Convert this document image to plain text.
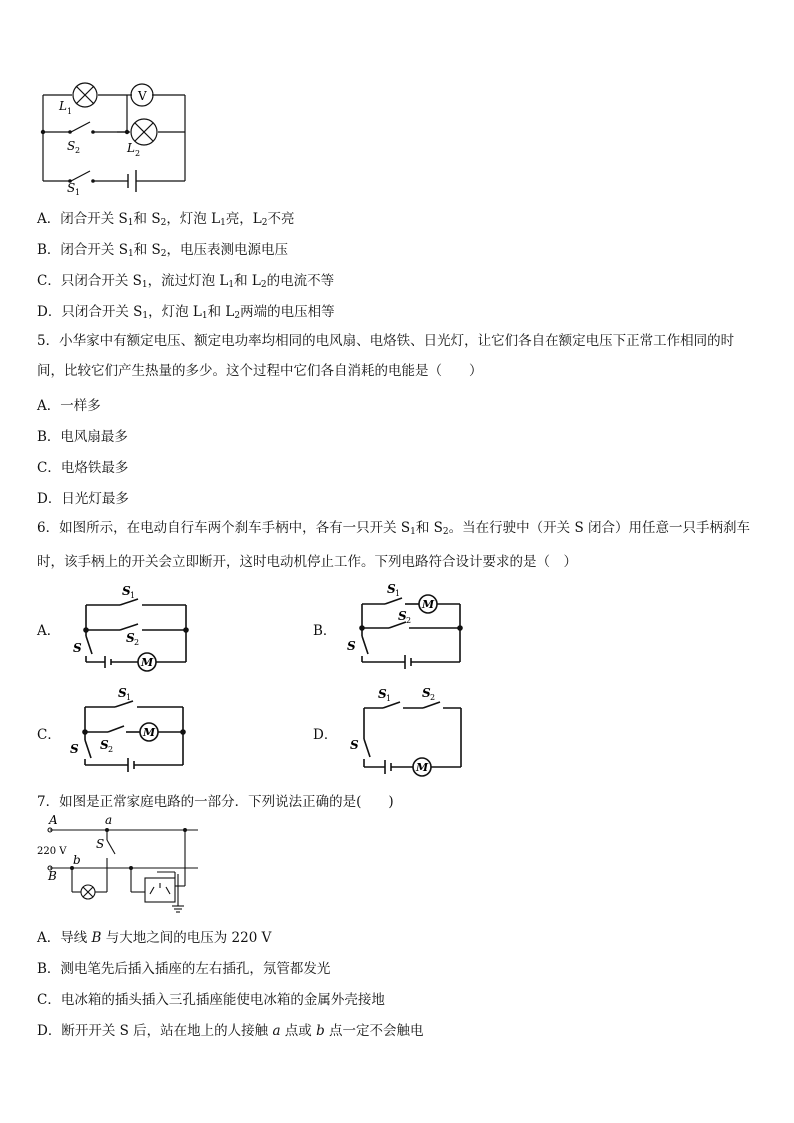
V
L 1
L 2
S 2
S 1
A．闭合开关 $S_1$和 $S_2$，灯泡 $L_1$亮，$L_2$不亮
B．闭合开关 $S_1$和 $S_2$，电压表测电源电压
C．只闭合开关 $S_1$，流过灯泡 $L_1$和 $L_2$的电流不等
D．只闭合开关 $S_1$，灯泡 $L_1$和 $L_2$两端的电压相等
5．小华家中有额定电压、额定电功率均相同的电风扇、电烙铁、日光灯，让它们各自在额定电压下正常工作相同的时间，比较它们产生热量的多少。这个过程中它们各自消耗的电能是（　　）
A．一样多
B．电风扇最多
C．电烙铁最多
D．日光灯最多
6．如图所示，在电动自行车两个刹车手柄中，各有一只开关 $S_1$和 $S_2$。当在行驶中（开关 S 闭合）用任意一只手柄刹车时，该手柄上的开关会立即断开，这时电动机停止工作。下列电路符合设计要求的是（　）
A．	B．
C．	D．
M
S 1
S 2
S
M
S 1
S 2
S
M
S 1
S 2
S
M
S 1	S 2
S
7．如图是正常家庭电路的一部分．下列说法正确的是(　　)
A
220 V
B
a
b
S
A．导线 B 与大地之间的电压为 220 V
B．测电笔先后插入插座的左右插孔，氖管都发光
C．电冰箱的插头插入三孔插座能使电冰箱的金属外壳接地
D．断开开关 S 后，站在地上的人接触 a 点或 b 点一定不会触电
